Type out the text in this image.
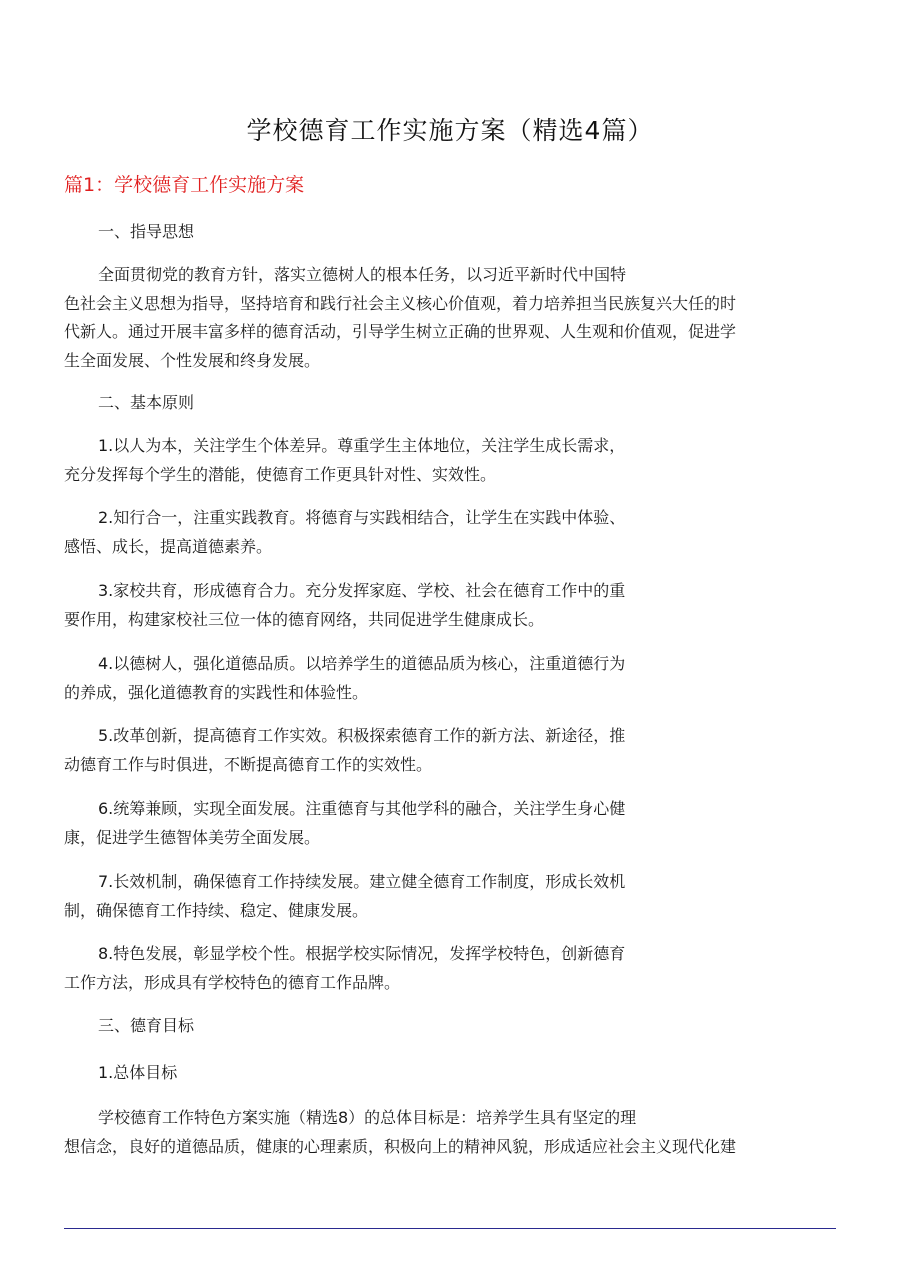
学校德育工作实施方案（精选4篇）
篇1：学校德育工作实施方案
一、指导思想
全面贯彻党的教育方针，落实立德树人的根本任务，以习近平新时代中国特
色社会主义思想为指导，坚持培育和践行社会主义核心价值观，着力培养担当民族复兴大任的时
代新人。通过开展丰富多样的德育活动，引导学生树立正确的世界观、人生观和价值观，促进学
生全面发展、个性发展和终身发展。
二、基本原则
1.以人为本，关注学生个体差异。尊重学生主体地位，关注学生成长需求，
充分发挥每个学生的潜能，使德育工作更具针对性、实效性。
2.知行合一，注重实践教育。将德育与实践相结合，让学生在实践中体验、
感悟、成长，提高道德素养。
3.家校共育，形成德育合力。充分发挥家庭、学校、社会在德育工作中的重
要作用，构建家校社三位一体的德育网络，共同促进学生健康成长。
4.以德树人，强化道德品质。以培养学生的道德品质为核心，注重道德行为
的养成，强化道德教育的实践性和体验性。
5.改革创新，提高德育工作实效。积极探索德育工作的新方法、新途径，推
动德育工作与时俱进，不断提高德育工作的实效性。
6.统筹兼顾，实现全面发展。注重德育与其他学科的融合，关注学生身心健
康，促进学生德智体美劳全面发展。
7.长效机制，确保德育工作持续发展。建立健全德育工作制度，形成长效机
制，确保德育工作持续、稳定、健康发展。
8.特色发展，彰显学校个性。根据学校实际情况，发挥学校特色，创新德育
工作方法，形成具有学校特色的德育工作品牌。
三、德育目标
1.总体目标
学校德育工作特色方案实施（精选8）的总体目标是：培养学生具有坚定的理
想信念，良好的道德品质，健康的心理素质，积极向上的精神风貌，形成适应社会主义现代化建
